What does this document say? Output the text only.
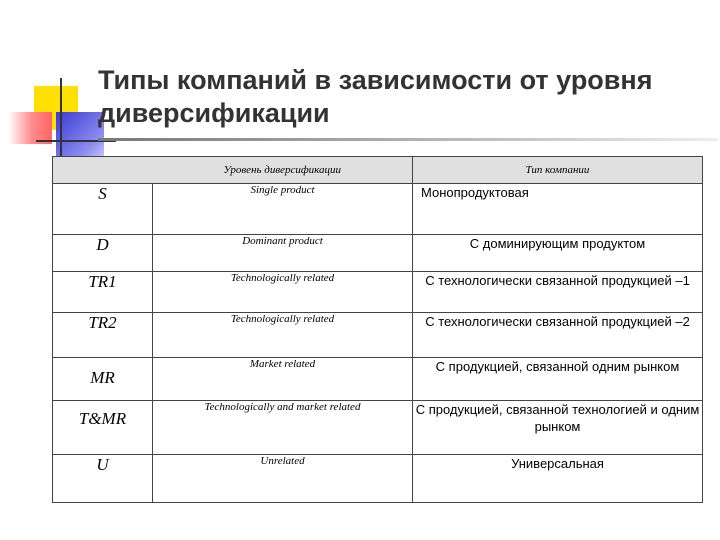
Типы компаний в зависимости от уровня диверсификации
	Уровень диверсификации	Тип компании
S	Single product	Монопродуктовая
D	Dominant product	С доминирующим продуктом
TR1	Technologically related	С технологически связанной продукцией –1
TR2	Technologically related	С технологически связанной продукцией –2
MR	Market related	С продукцией, связанной одним рынком
T&MR	Technologically and market related	С продукцией, связанной технологией и одним рынком
U	Unrelated	Универсальная
